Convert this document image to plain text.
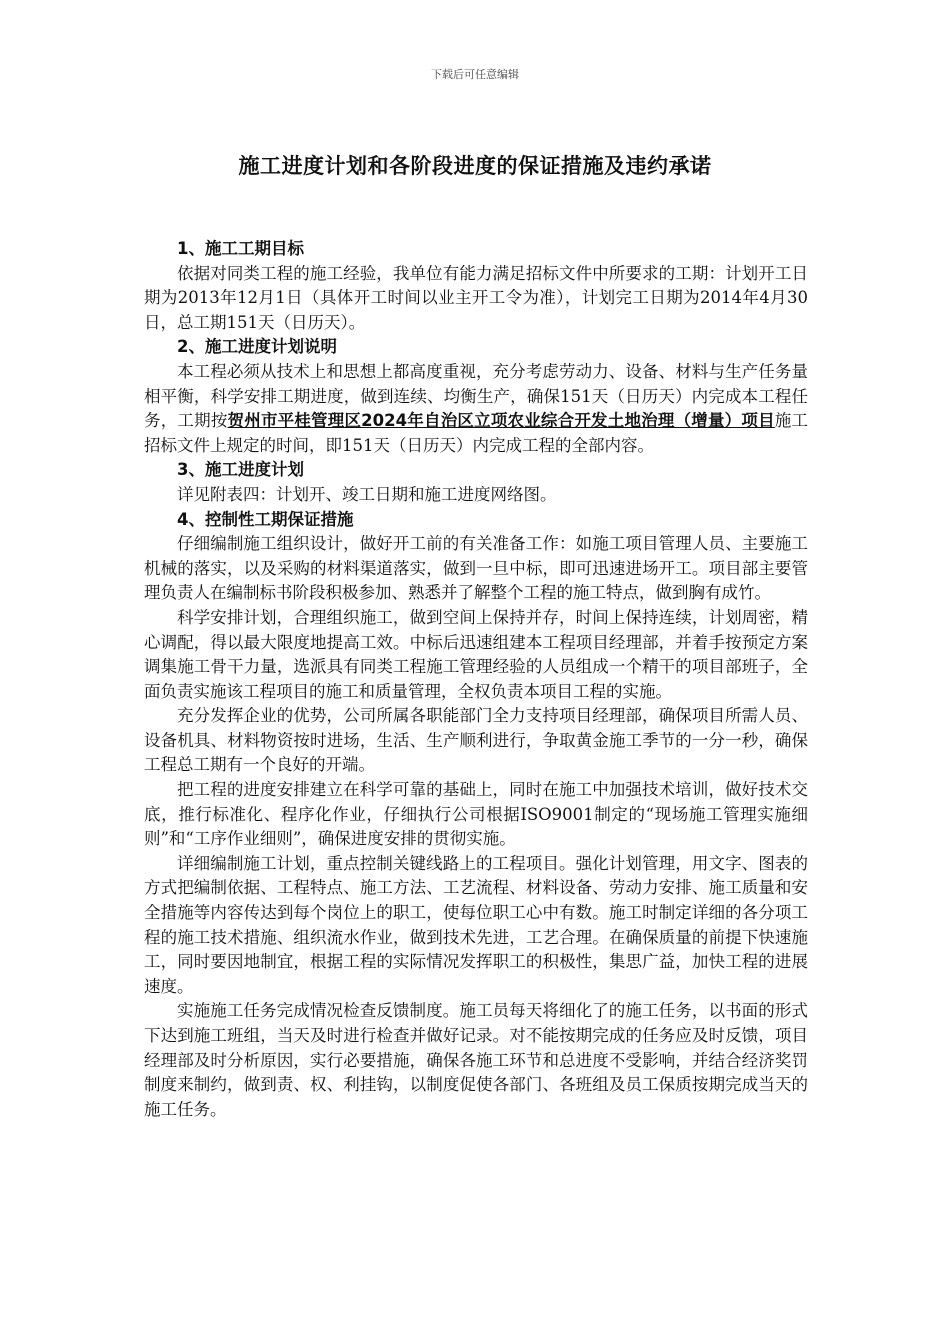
下载后可任意编辑
施工进度计划和各阶段进度的保证措施及违约承诺

1、施工工期目标

依据对同类工程的施工经验，我单位有能力满足招标文件中所要求的工期：计划开工日期为2013年12月1日（具体开工时间以业主开工令为准），计划完工日期为2014年4月30日，总工期151天（日历天）。

2、施工进度计划说明

本工程必须从技术上和思想上都高度重视，充分考虑劳动力、设备、材料与生产任务量相平衡，科学安排工期进度，做到连续、均衡生产，确保151天（日历天）内完成本工程任务，工期按贺州市平桂管理区2024年自治区立项农业综合开发土地治理（增量）项目施工招标文件上规定的时间，即151天（日历天）内完成工程的全部内容。

3、施工进度计划

详见附表四：计划开、竣工日期和施工进度网络图。

4、控制性工期保证措施

仔细编制施工组织设计，做好开工前的有关准备工作：如施工项目管理人员、主要施工机械的落实，以及采购的材料渠道落实，做到一旦中标，即可迅速进场开工。项目部主要管理负责人在编制标书阶段积极参加、熟悉并了解整个工程的施工特点，做到胸有成竹。

科学安排计划，合理组织施工，做到空间上保持并存，时间上保持连续，计划周密，精心调配，得以最大限度地提高工效。中标后迅速组建本工程项目经理部，并着手按预定方案调集施工骨干力量，选派具有同类工程施工管理经验的人员组成一个精干的项目部班子，全面负责实施该工程项目的施工和质量管理，全权负责本项目工程的实施。

充分发挥企业的优势，公司所属各职能部门全力支持项目经理部，确保项目所需人员、设备机具、材料物资按时进场，生活、生产顺利进行，争取黄金施工季节的一分一秒，确保工程总工期有一个良好的开端。

把工程的进度安排建立在科学可靠的基础上，同时在施工中加强技术培训，做好技术交底，推行标准化、程序化作业，仔细执行公司根据ISO9001制定的“现场施工管理实施细则”和“工序作业细则”，确保进度安排的贯彻实施。

详细编制施工计划，重点控制关键线路上的工程项目。强化计划管理，用文字、图表的方式把编制依据、工程特点、施工方法、工艺流程、材料设备、劳动力安排、施工质量和安全措施等内容传达到每个岗位上的职工，使每位职工心中有数。施工时制定详细的各分项工程的施工技术措施、组织流水作业，做到技术先进，工艺合理。在确保质量的前提下快速施工，同时要因地制宜，根据工程的实际情况发挥职工的积极性，集思广益，加快工程的进展速度。

实施施工任务完成情况检查反馈制度。施工员每天将细化了的施工任务，以书面的形式下达到施工班组，当天及时进行检查并做好记录。对不能按期完成的任务应及时反馈，项目经理部及时分析原因，实行必要措施，确保各施工环节和总进度不受影响，并结合经济奖罚制度来制约，做到责、权、利挂钩，以制度促使各部门、各班组及员工保质按期完成当天的施工任务。
